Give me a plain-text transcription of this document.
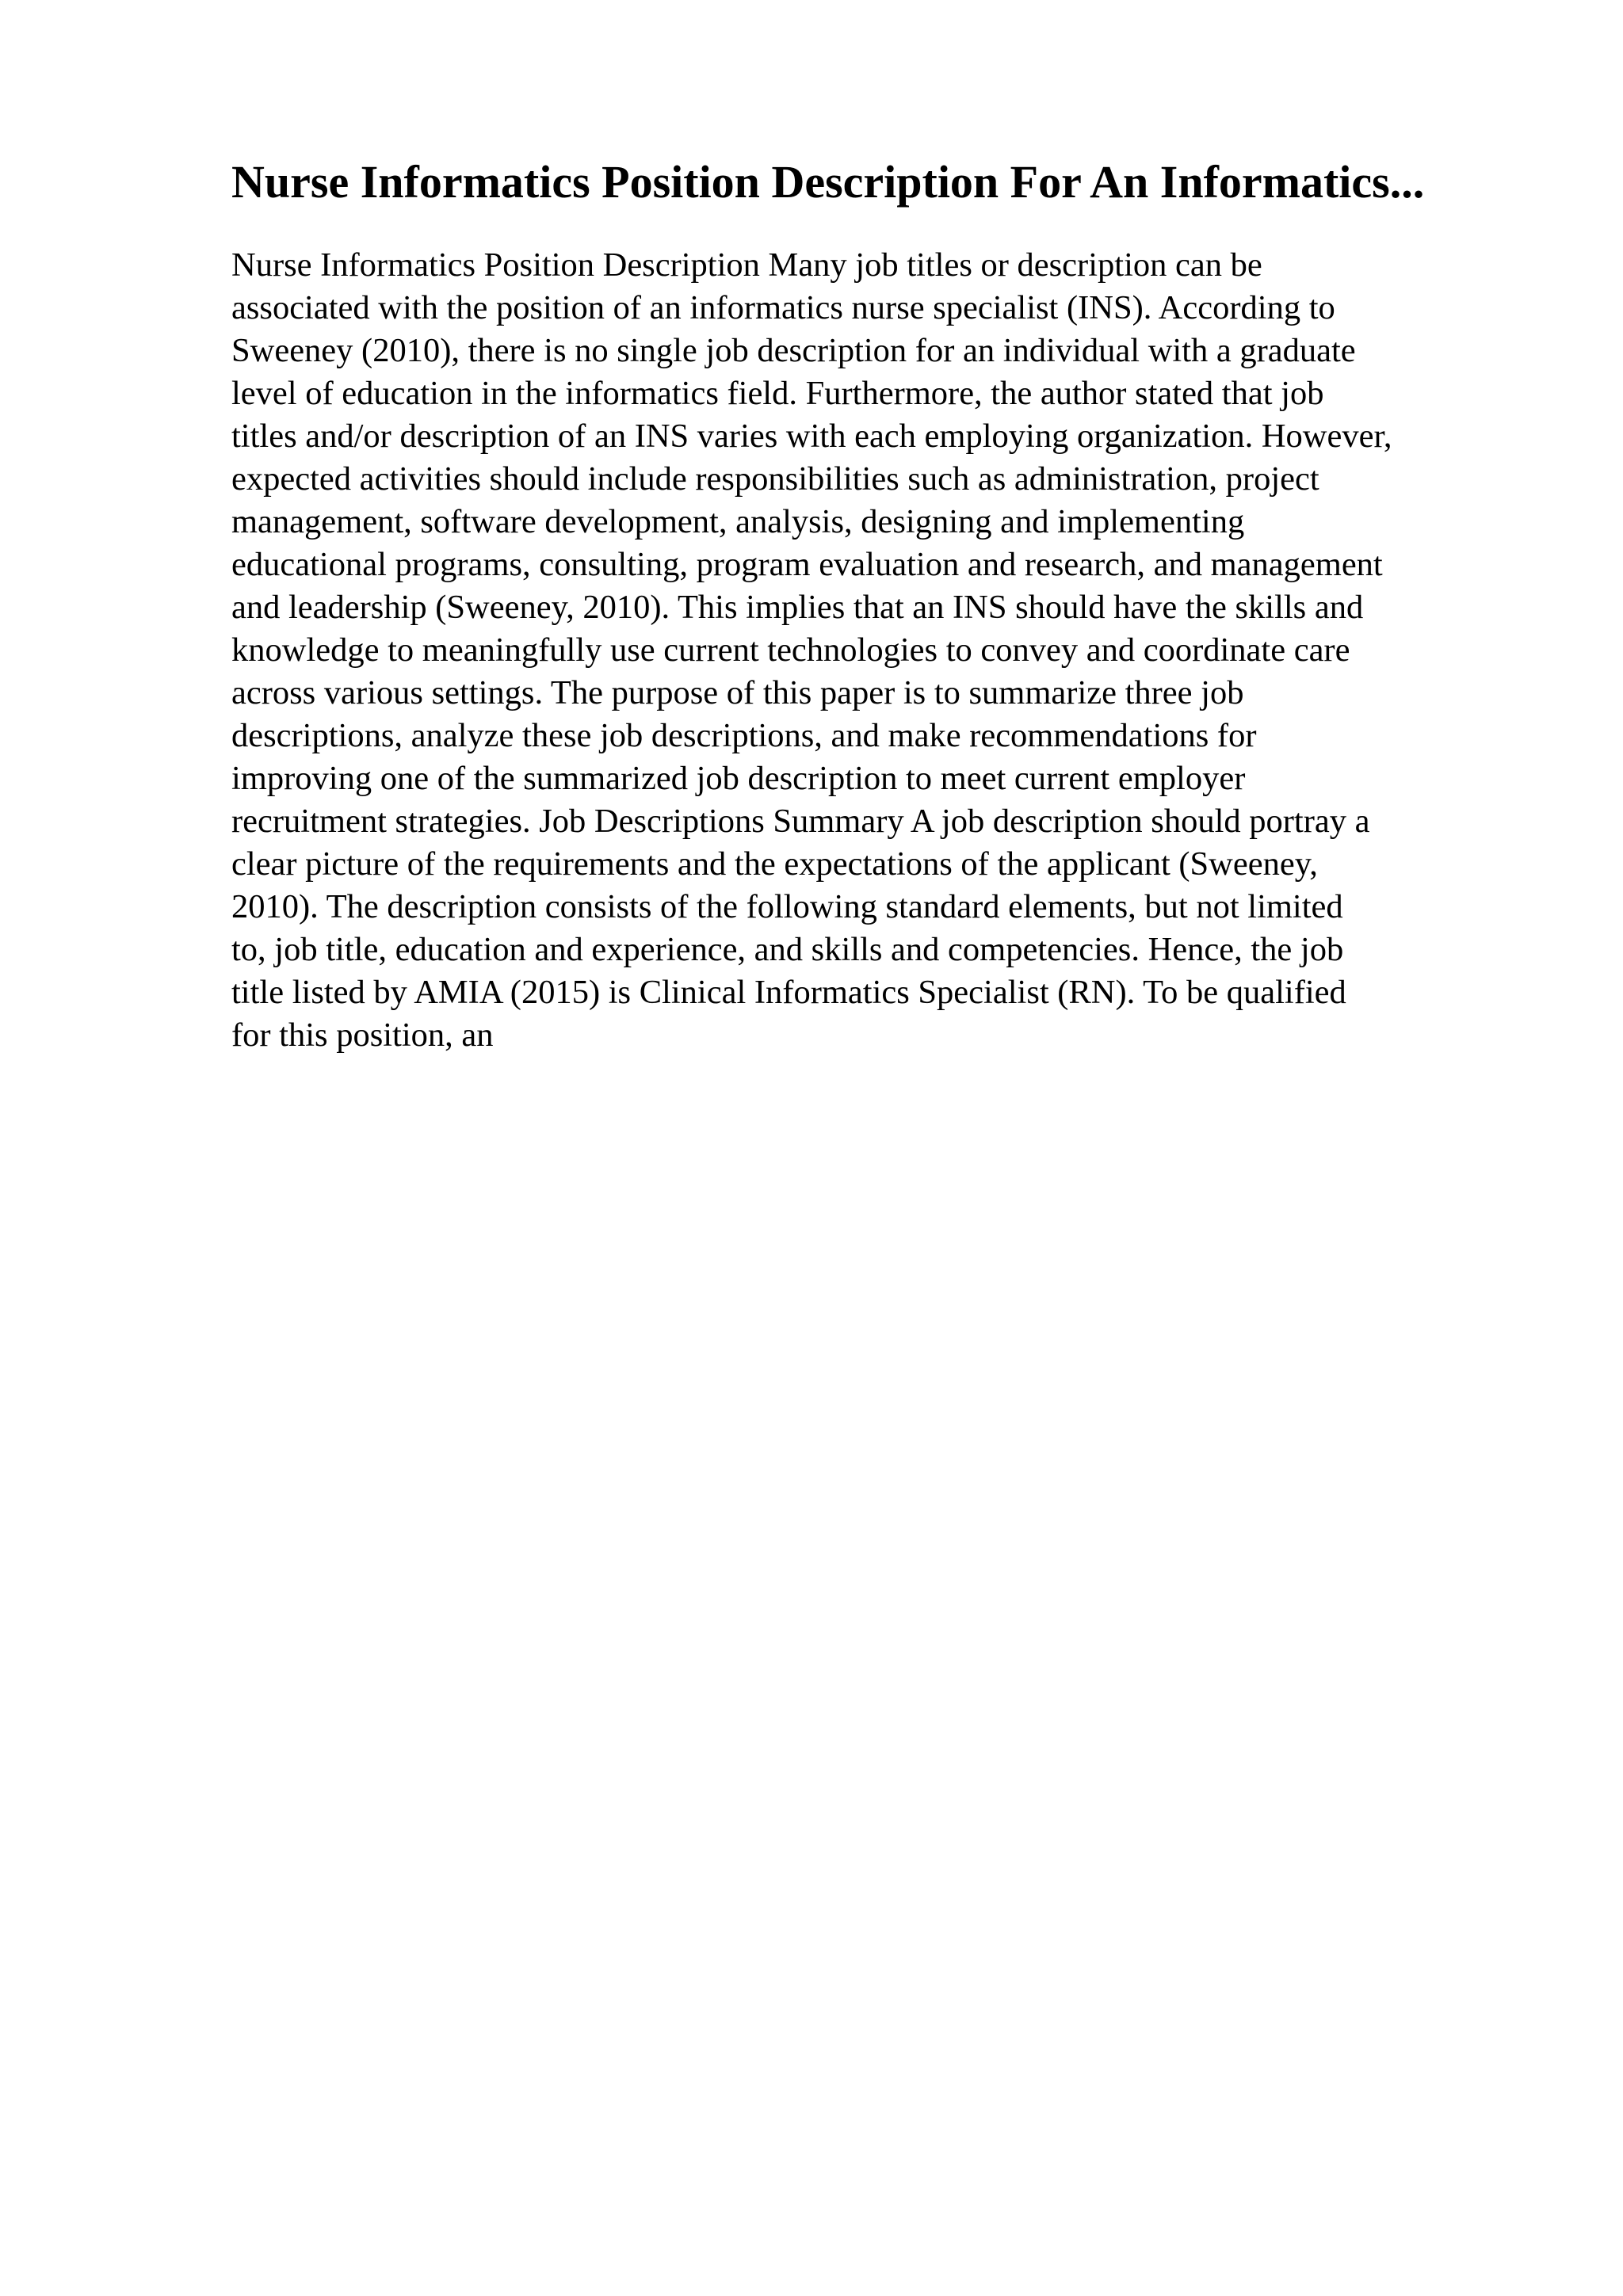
Nurse Informatics Position Description For An Informatics...
Nurse Informatics Position Description Many job titles or description can be
associated with the position of an informatics nurse specialist (INS). According to
Sweeney (2010), there is no single job description for an individual with a graduate
level of education in the informatics field. Furthermore, the author stated that job
titles and/or description of an INS varies with each employing organization. However,
expected activities should include responsibilities such as administration, project
management, software development, analysis, designing and implementing
educational programs, consulting, program evaluation and research, and management
and leadership (Sweeney, 2010). This implies that an INS should have the skills and
knowledge to meaningfully use current technologies to convey and coordinate care
across various settings. The purpose of this paper is to summarize three job
descriptions, analyze these job descriptions, and make recommendations for
improving one of the summarized job description to meet current employer
recruitment strategies. Job Descriptions Summary A job description should portray a
clear picture of the requirements and the expectations of the applicant (Sweeney,
2010). The description consists of the following standard elements, but not limited
to, job title, education and experience, and skills and competencies. Hence, the job
title listed by AMIA (2015) is Clinical Informatics Specialist (RN). To be qualified
for this position, an
